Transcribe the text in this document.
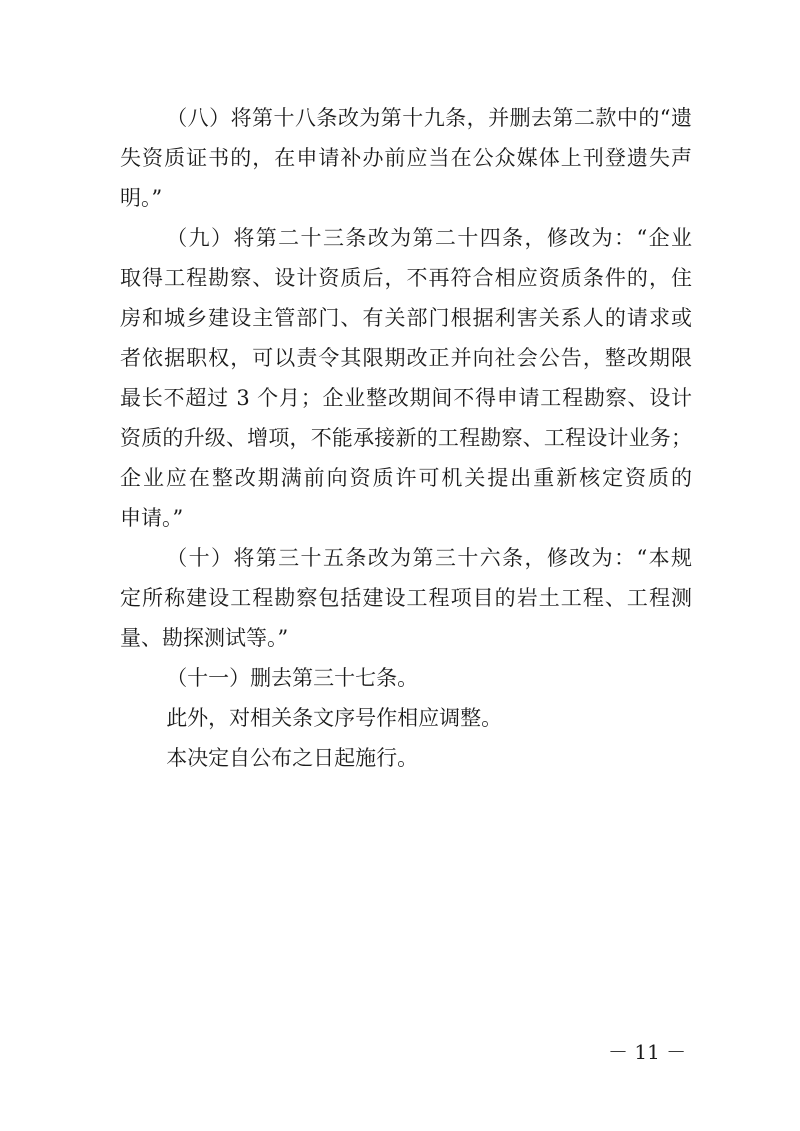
（八）将第十八条改为第十九条，并删去第二款中的“遗
失资质证书的，在申请补办前应当在公众媒体上刊登遗失声
明。”
（九）将第二十三条改为第二十四条，修改为：“企业
取得工程勘察、设计资质后，不再符合相应资质条件的，住
房和城乡建设主管部门、有关部门根据利害关系人的请求或
者依据职权，可以责令其限期改正并向社会公告，整改期限
最长不超过 3 个月；企业整改期间不得申请工程勘察、设计
资质的升级、增项，不能承接新的工程勘察、工程设计业务；
企业应在整改期满前向资质许可机关提出重新核定资质的
申请。”
（十）将第三十五条改为第三十六条，修改为：“本规
定所称建设工程勘察包括建设工程项目的岩土工程、工程测
量、勘探测试等。”
（十一）删去第三十七条。
此外，对相关条文序号作相应调整。
本决定自公布之日起施行。
－ 11 －
